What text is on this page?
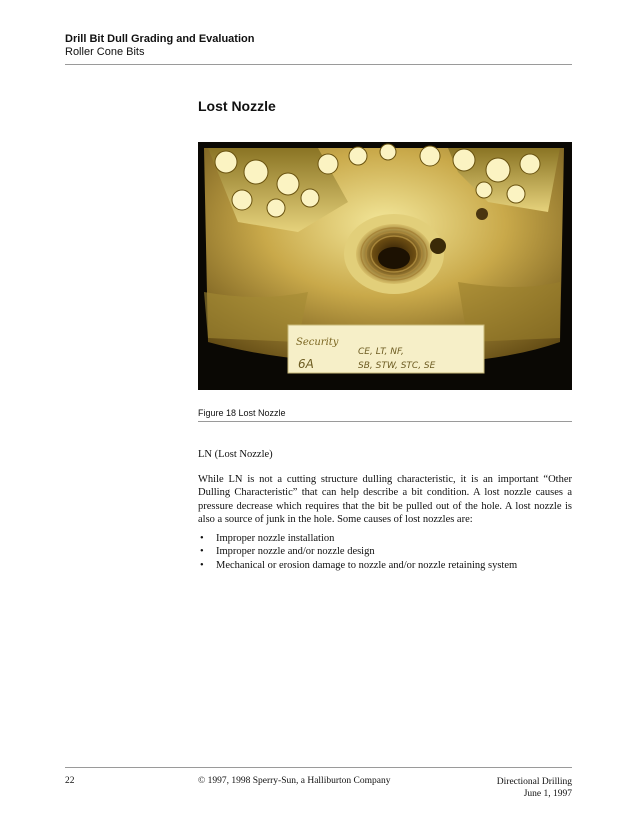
Drill Bit Dull Grading and Evaluation
Roller Cone Bits
Lost Nozzle
Security
CE, LT, NF,
6A	SB, STW, STC, SE
Figure 18 Lost Nozzle
LN (Lost Nozzle)
While LN is not a cutting structure dulling characteristic, it is an important “Other Dulling Characteristic” that can help describe a bit condition. A lost nozzle causes a pressure decrease which requires that the bit be pulled out of the hole. A lost nozzle is also a source of junk in the hole. Some causes of lost nozzles are:
• Improper nozzle installation
• Improper nozzle and/or nozzle design
• Mechanical or erosion damage to nozzle and/or nozzle retaining system
22	© 1997, 1998 Sperry-Sun, a Halliburton Company	Directional Drilling
June 1, 1997
